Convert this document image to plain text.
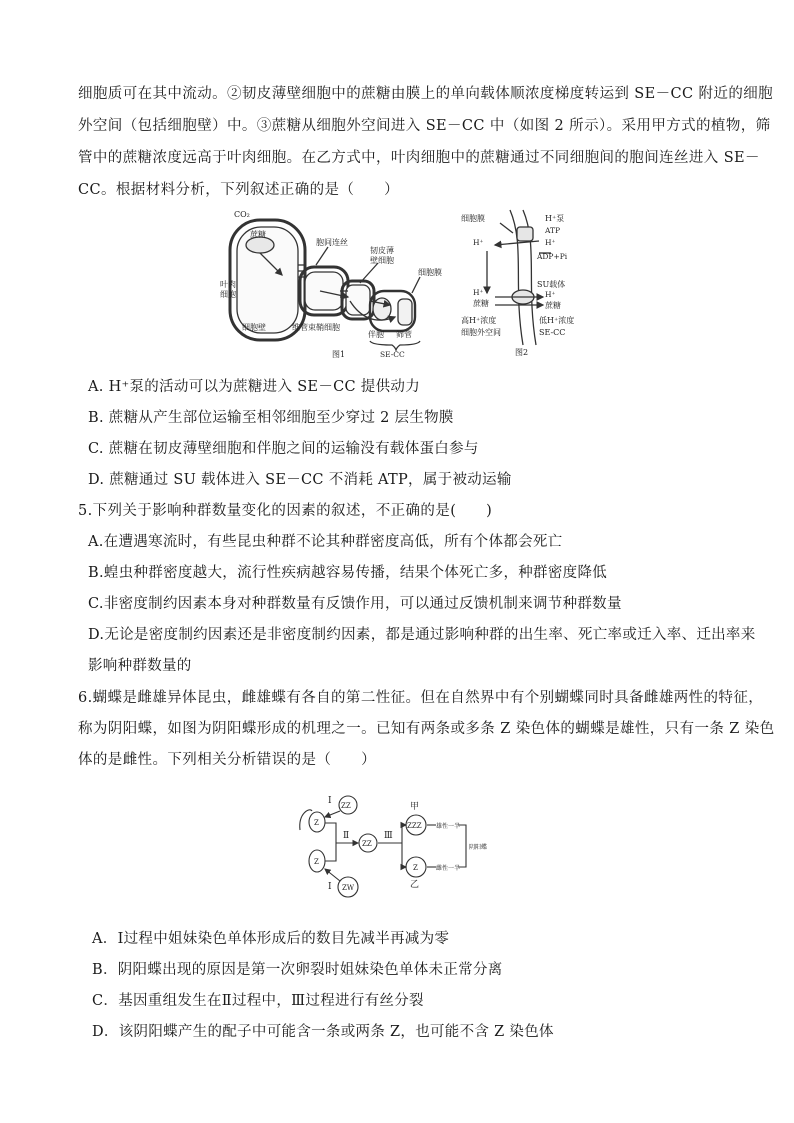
细胞质可在其中流动。②韧皮薄壁细胞中的蔗糖由膜上的单向载体顺浓度梯度转运到 SE－CC 附近的细胞
外空间（包括细胞壁）中。③蔗糖从细胞外空间进入 SE－CC 中（如图 2 所示）。采用甲方式的植物，筛
管中的蔗糖浓度远高于叶肉细胞。在乙方式中，叶肉细胞中的蔗糖通过不同细胞间的胞间连丝进入 SE－
CC。根据材料分析，下列叙述正确的是（　　）
CO₂
蔗糖
胞间连丝
叶肉
细胞
韧皮薄
壁细胞
细胞膜
细胞壁	维管束鞘细胞
伴胞 筛管
SE-CC
图1
细胞膜	H⁺泵
ATP
H⁺	H⁺
ADP+Pi
SU载体
H⁺	H⁺
蔗糖	蔗糖
高H⁺浓度
细胞外空间
低H⁺浓度
SE-CC
图2
A. H⁺泵的活动可以为蔗糖进入 SE－CC 提供动力
B. 蔗糖从产生部位运输至相邻细胞至少穿过 2 层生物膜
C. 蔗糖在韧皮薄壁细胞和伴胞之间的运输没有载体蛋白参与
D. 蔗糖通过 SU 载体进入 SE－CC 不消耗 ATP，属于被动运输
5.下列关于影响种群数量变化的因素的叙述，不正确的是(　　)
A.在遭遇寒流时，有些昆虫种群不论其种群密度高低，所有个体都会死亡
B.蝗虫种群密度越大，流行性疾病越容易传播，结果个体死亡多，种群密度降低
C.非密度制约因素本身对种群数量有反馈作用，可以通过反馈机制来调节种群数量
D.无论是密度制约因素还是非密度制约因素，都是通过影响种群的出生率、死亡率或迁入率、迁出率来
影响种群数量的
6.蝴蝶是雌雄异体昆虫，雌雄蝶有各自的第二性征。但在自然界中有个别蝴蝶同时具备雌雄两性的特征，
称为阴阳蝶，如图为阴阳蝶形成的机理之一。已知有两条或多条 Z 染色体的蝴蝶是雄性，只有一条 Z 染色
体的是雌性。下列相关分析错误的是（　　）
Ⅰ ZZ
Z
Ⅱ
ZZ
Ⅲ
甲
ZZZ 雄性一半
阴阳蝶
Z	雌性一半
乙
Z
Ⅰ ZW
A．Ⅰ过程中姐妹染色单体形成后的数目先减半再减为零
B．阴阳蝶出现的原因是第一次卵裂时姐妹染色单体未正常分离
C．基因重组发生在Ⅱ过程中，Ⅲ过程进行有丝分裂
D．该阴阳蝶产生的配子中可能含一条或两条 Z，也可能不含 Z 染色体
